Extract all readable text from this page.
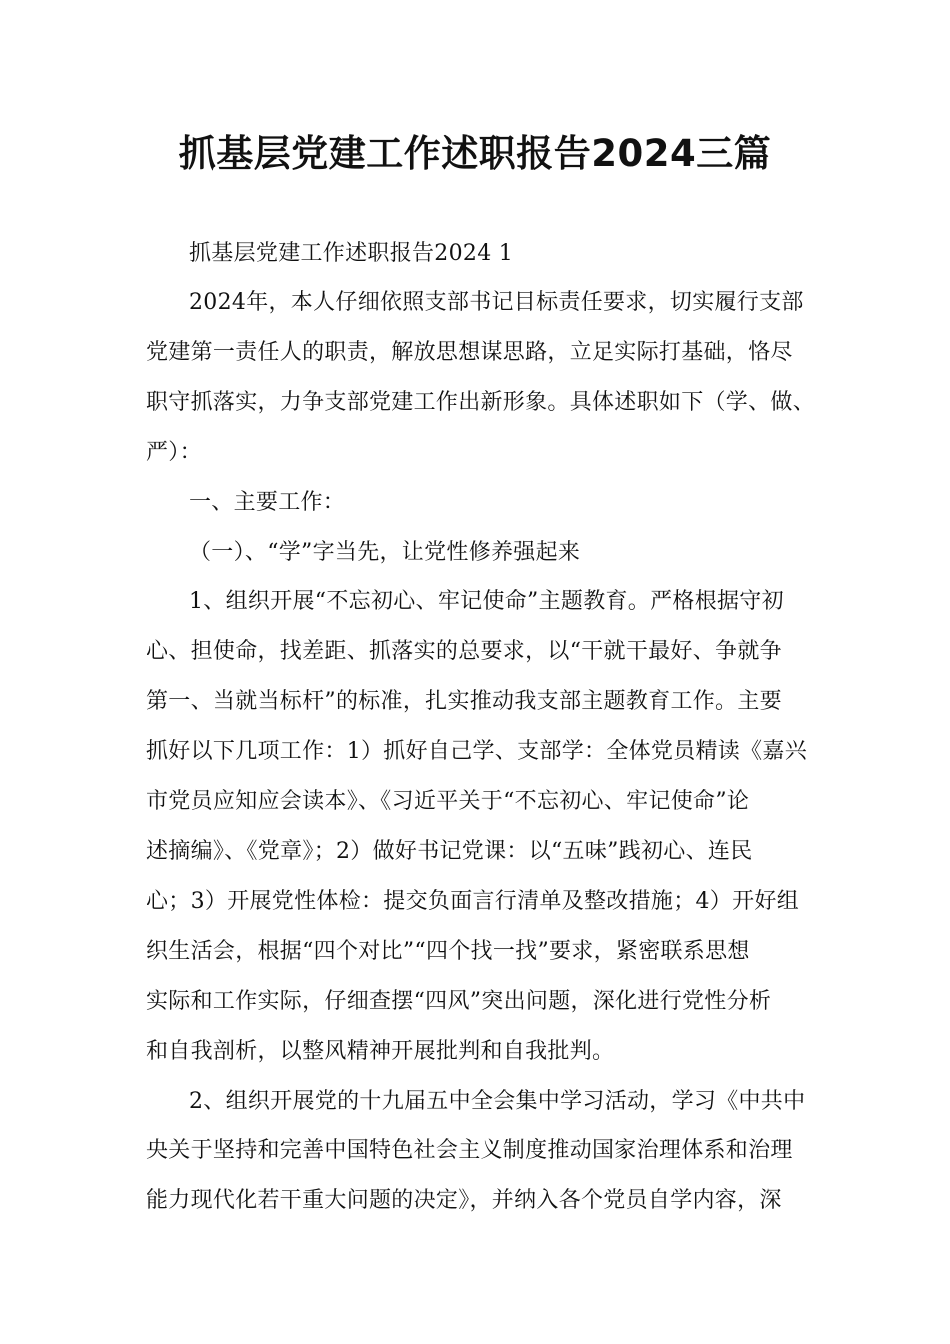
抓基层党建工作述职报告2024三篇
抓基层党建工作述职报告2024 1
2024年，本人仔细依照支部书记目标责任要求，切实履行支部
党建第一责任人的职责，解放思想谋思路，立足实际打基础，恪尽
职守抓落实，力争支部党建工作出新形象。具体述职如下（学、做、
严）：
一、主要工作：
（一）、“学”字当先，让党性修养强起来
1、组织开展“不忘初心、牢记使命”主题教育。严格根据守初
心、担使命，找差距、抓落实的总要求，以“干就干最好、争就争
第一、当就当标杆”的标准，扎实推动我支部主题教育工作。主要
抓好以下几项工作：1）抓好自己学、支部学：全体党员精读《嘉兴
市党员应知应会读本》、《习近平关于“不忘初心、牢记使命”论
述摘编》、《党章》；2）做好书记党课：以“五味”践初心、连民
心；3）开展党性体检：提交负面言行清单及整改措施；4）开好组
织生活会，根据“四个对比”“四个找一找”要求，紧密联系思想
实际和工作实际，仔细查摆“四风”突出问题，深化进行党性分析
和自我剖析，以整风精神开展批判和自我批判。
2、组织开展党的十九届五中全会集中学习活动，学习《中共中
央关于坚持和完善中国特色社会主义制度推动国家治理体系和治理
能力现代化若干重大问题的决定》，并纳入各个党员自学内容，深
